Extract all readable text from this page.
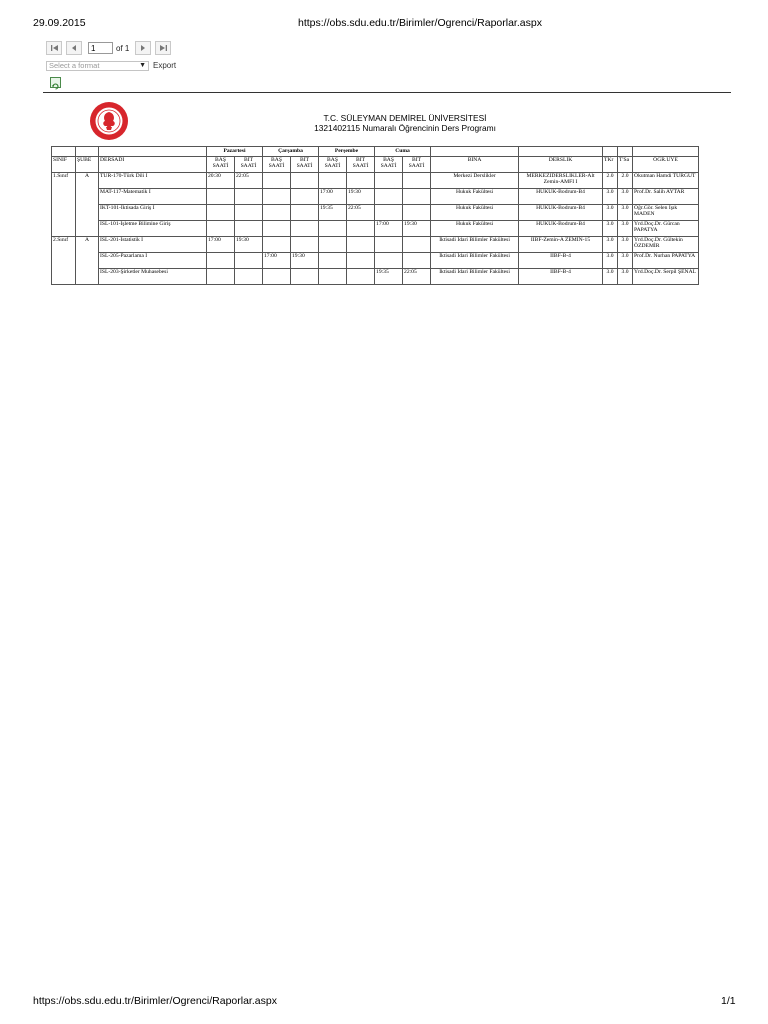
29.09.2015	https://obs.sdu.edu.tr/Birimler/Ogrenci/Raporlar.aspx
1
of 1
Select a format	▼ Export
T.C. SÜLEYMAN DEMİREL ÜNİVERSİTESİ
1321402115 Numaralı Öğrencinin Ders Programı
			Pazartesi		Çarşamba		Perşembe		Cuma						
SINIF	ŞUBE	DERSADI	BAŞ SAATİ	BİT SAATİ	BAŞ SAATİ	BİT SAATİ	BAŞ SAATİ	BİT SAATİ	BAŞ SAATİ	BİT SAATİ	BİNA	DERSLİK	TKr	T'Sa	ÖĞR.ÜYE
1.Sınıf	A	TUR-170-Türk Dili I	20:30	22:05							Merkezi Derslikler	MERKEZIDERSLIKLER-Alt Zemin-AMFI I	2.0	2.0	Okutman Hamdi TURGUT
		MAT-117-Matematik I					17:00	19:30			Hukuk Fakültesi	HUKUK-Bodrum-B4	3.0	3.0	Prof.Dr. Salih AYTAR
		IKT-101-İktisada Giriş I					19:35	22:05			Hukuk Fakültesi	HUKUK-Bodrum-B4	3.0	3.0	Öğr.Gör. Selen Işık MADEN
		ISL-101-İşletme Bilimine Giriş							17:00	19:30	Hukuk Fakültesi	HUKUK-Bodrum-B4	3.0	3.0	Yrd.Doç.Dr. Gürcan PAPATYA
2.Sınıf	A	ISL-201-İstatistik I	17:00	19:30							İktisadi İdari Bilimler Fakültesi	IIBF-Zemin-A ZEMİN-15	3.0	3.0	Yrd.Doç.Dr. Gültekin ÖZDEMİR
		ISL-205-Pazarlama I			17:00	19:30					İktisadi İdari Bilimler Fakültesi	IIBF-B-4	3.0	3.0	Prof.Dr. Nurhan PAPATYA
		ISL-203-Şirketler Muhasebesi							19:35	22:05	İktisadi İdari Bilimler Fakültesi	IIBF-B-4	3.0	3.0	Yrd.Doç.Dr. Serpil ŞENAL
https://obs.sdu.edu.tr/Birimler/Ogrenci/Raporlar.aspx	1/1
